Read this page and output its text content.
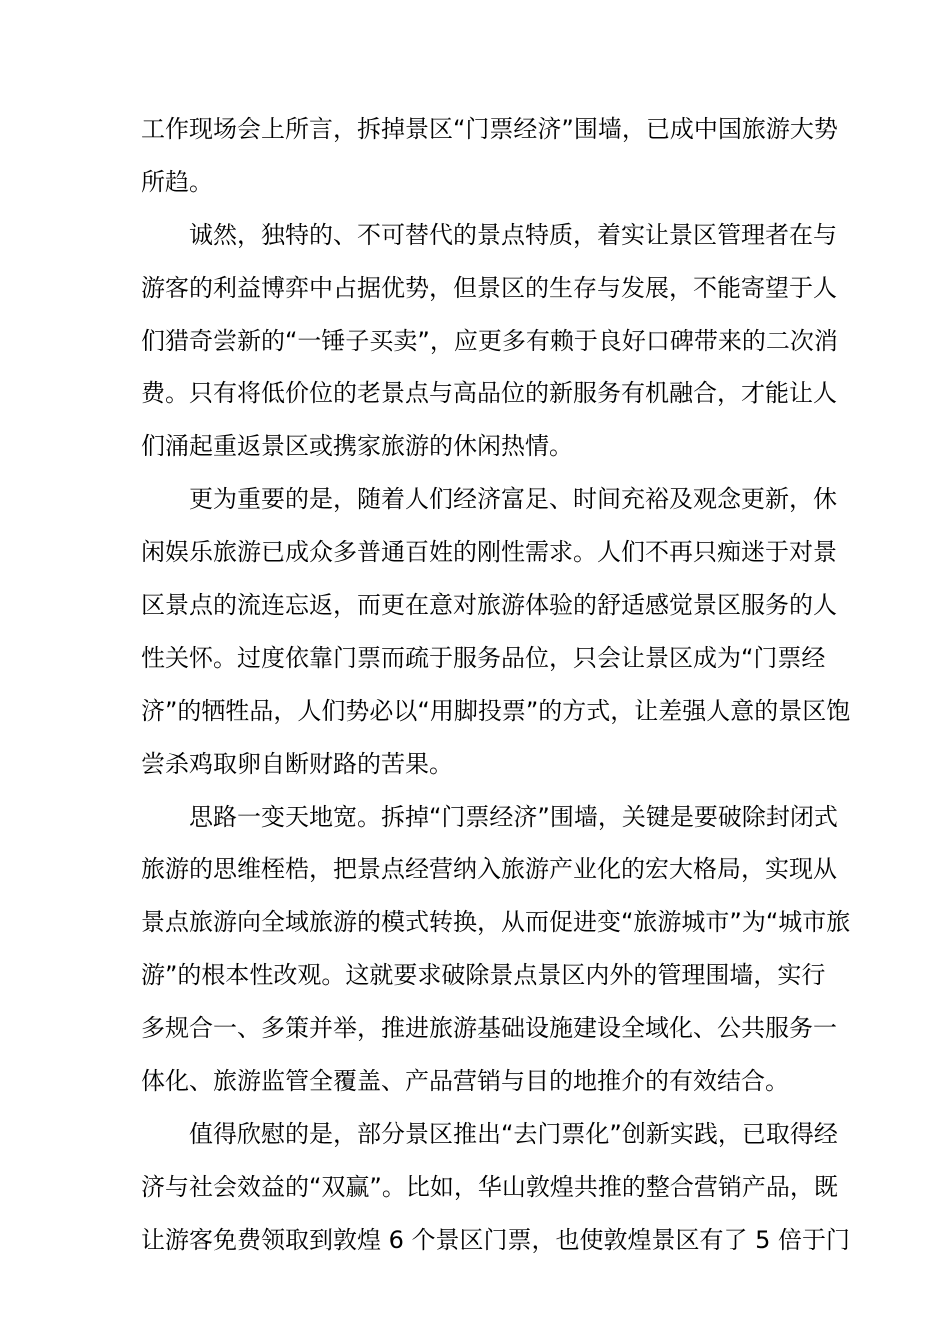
工作现场会上所言，拆掉景区“门票经济”围墙，已成中国旅游大势
所趋。
诚然，独特的、不可替代的景点特质，着实让景区管理者在与
游客的利益博弈中占据优势，但景区的生存与发展，不能寄望于人
们猎奇尝新的“一锤子买卖”，应更多有赖于良好口碑带来的二次消
费。只有将低价位的老景点与高品位的新服务有机融合，才能让人
们涌起重返景区或携家旅游的休闲热情。
更为重要的是，随着人们经济富足、时间充裕及观念更新，休
闲娱乐旅游已成众多普通百姓的刚性需求。人们不再只痴迷于对景
区景点的流连忘返，而更在意对旅游体验的舒适感觉景区服务的人
性关怀。过度依靠门票而疏于服务品位，只会让景区成为“门票经
济”的牺牲品，人们势必以“用脚投票”的方式，让差强人意的景区饱
尝杀鸡取卵自断财路的苦果。
思路一变天地宽。拆掉“门票经济”围墙，关键是要破除封闭式
旅游的思维桎梏，把景点经营纳入旅游产业化的宏大格局，实现从
景点旅游向全域旅游的模式转换，从而促进变“旅游城市”为“城市旅
游”的根本性改观。这就要求破除景点景区内外的管理围墙，实行
多规合一、多策并举，推进旅游基础设施建设全域化、公共服务一
体化、旅游监管全覆盖、产品营销与目的地推介的有效结合。
值得欣慰的是，部分景区推出“去门票化”创新实践，已取得经
济与社会效益的“双赢”。比如，华山敦煌共推的整合营销产品，既
让游客免费领取到敦煌 6 个景区门票，也使敦煌景区有了 5 倍于门
